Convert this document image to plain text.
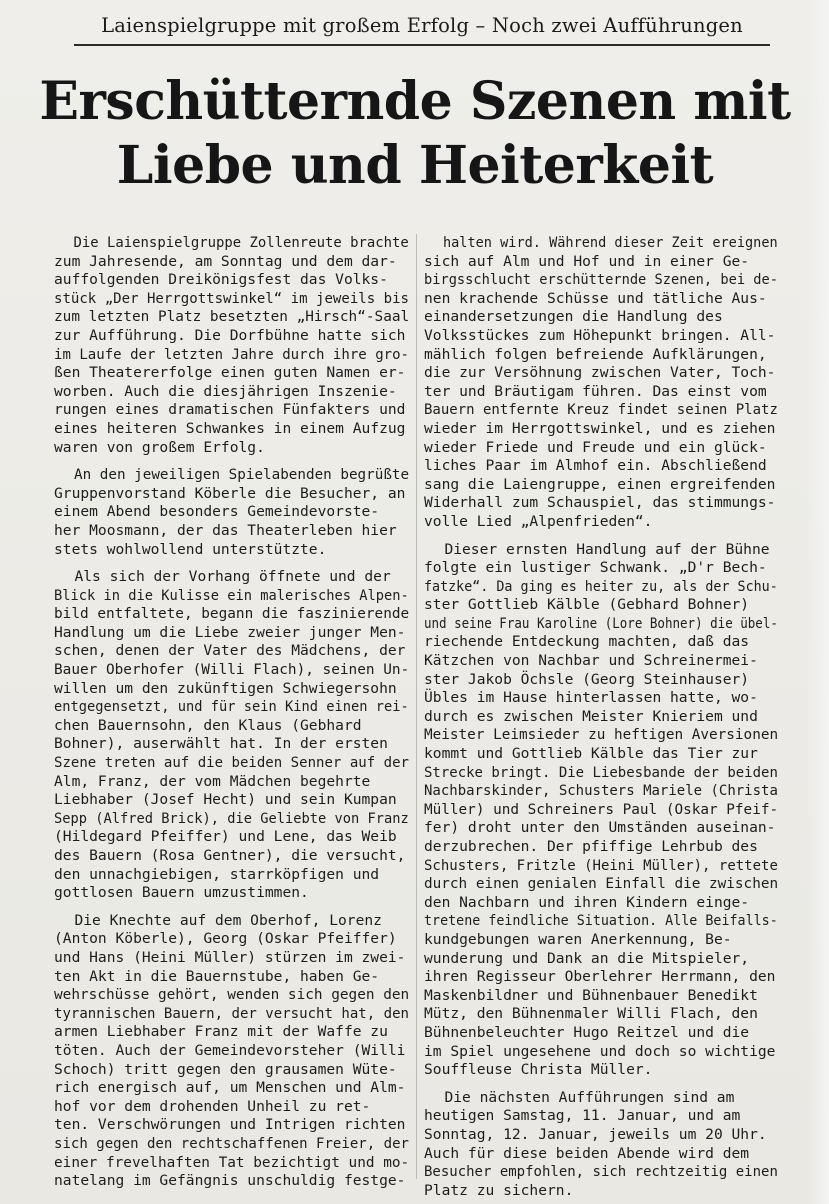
Laienspielgruppe mit großem Erfolg – Noch zwei Aufführungen
Erschütternde Szenen mit
Liebe und Heiterkeit

Die Laienspielgruppe Zollenreute brachte
zum Jahresende, am Sonntag und dem dar-
auffolgenden Dreikönigsfest das Volks-
stück „Der Herrgottswinkel“ im jeweils bis
zum letzten Platz besetzten „Hirsch“-Saal
zur Aufführung. Die Dorfbühne hatte sich
im Laufe der letzten Jahre durch ihre gro-
ßen Theatererfolge einen guten Namen er-
worben. Auch die diesjährigen Inszenie-
rungen eines dramatischen Fünfakters und
eines heiteren Schwankes in einem Aufzug
waren von großem Erfolg.

An den jeweiligen Spielabenden begrüßte
Gruppenvorstand Köberle die Besucher, an
einem Abend besonders Gemeindevorste-
her Moosmann, der das Theaterleben hier
stets wohlwollend unterstützte.

Als sich der Vorhang öffnete und der
Blick in die Kulisse ein malerisches Alpen-
bild entfaltete, begann die faszinierende
Handlung um die Liebe zweier junger Men-
schen, denen der Vater des Mädchens, der
Bauer Oberhofer (Willi Flach), seinen Un-
willen um den zukünftigen Schwiegersohn
entgegensetzt, und für sein Kind einen rei-
chen Bauernsohn, den Klaus (Gebhard
Bohner), auserwählt hat. In der ersten
Szene treten auf die beiden Senner auf der
Alm, Franz, der vom Mädchen begehrte
Liebhaber (Josef Hecht) und sein Kumpan
Sepp (Alfred Brick), die Geliebte von Franz
(Hildegard Pfeiffer) und Lene, das Weib
des Bauern (Rosa Gentner), die versucht,
den unnachgiebigen, starrköpfigen und
gottlosen Bauern umzustimmen.

Die Knechte auf dem Oberhof, Lorenz
(Anton Köberle), Georg (Oskar Pfeiffer)
und Hans (Heini Müller) stürzen im zwei-
ten Akt in die Bauernstube, haben Ge-
wehrschüsse gehört, wenden sich gegen den
tyrannischen Bauern, der versucht hat, den
armen Liebhaber Franz mit der Waffe zu
töten. Auch der Gemeindevorsteher (Willi
Schoch) tritt gegen den grausamen Wüte-
rich energisch auf, um Menschen und Alm-
hof vor dem drohenden Unheil zu ret-
ten. Verschwörungen und Intrigen richten
sich gegen den rechtschaffenen Freier, der
einer frevelhaften Tat bezichtigt und mo-
natelang im Gefängnis unschuldig festge-

halten wird. Während dieser Zeit ereignen
sich auf Alm und Hof und in einer Ge-
birgsschlucht erschütternde Szenen, bei de-
nen krachende Schüsse und tätliche Aus-
einandersetzungen die Handlung des
Volksstückes zum Höhepunkt bringen. All-
mählich folgen befreiende Aufklärungen,
die zur Versöhnung zwischen Vater, Toch-
ter und Bräutigam führen. Das einst vom
Bauern entfernte Kreuz findet seinen Platz
wieder im Herrgottswinkel, und es ziehen
wieder Friede und Freude und ein glück-
liches Paar im Almhof ein. Abschließend
sang die Laiengruppe, einen ergreifenden
Widerhall zum Schauspiel, das stimmungs-
volle Lied „Alpenfrieden“.

Dieser ernsten Handlung auf der Bühne
folgte ein lustiger Schwank. „D'r Bech-
fatzke“. Da ging es heiter zu, als der Schu-
ster Gottlieb Kälble (Gebhard Bohner)
und seine Frau Karoline (Lore Bohner) die übel-
riechende Entdeckung machten, daß das
Kätzchen von Nachbar und Schreinermei-
ster Jakob Öchsle (Georg Steinhauser)
Übles im Hause hinterlassen hatte, wo-
durch es zwischen Meister Knieriem und
Meister Leimsieder zu heftigen Aversionen
kommt und Gottlieb Kälble das Tier zur
Strecke bringt. Die Liebesbande der beiden
Nachbarskinder, Schusters Mariele (Christa
Müller) und Schreiners Paul (Oskar Pfeif-
fer) droht unter den Umständen auseinan-
derzubrechen. Der pfiffige Lehrbub des
Schusters, Fritzle (Heini Müller), rettete
durch einen genialen Einfall die zwischen
den Nachbarn und ihren Kindern einge-
tretene feindliche Situation. Alle Beifalls-
kundgebungen waren Anerkennung, Be-
wunderung und Dank an die Mitspieler,
ihren Regisseur Oberlehrer Herrmann, den
Maskenbildner und Bühnenbauer Benedikt
Mütz, den Bühnenmaler Willi Flach, den
Bühnenbeleuchter Hugo Reitzel und die
im Spiel ungesehene und doch so wichtige
Souffleuse Christa Müller.

Die nächsten Aufführungen sind am
heutigen Samstag, 11. Januar, und am
Sonntag, 12. Januar, jeweils um 20 Uhr.
Auch für diese beiden Abende wird dem
Besucher empfohlen, sich rechtzeitig einen
Platz zu sichern.
